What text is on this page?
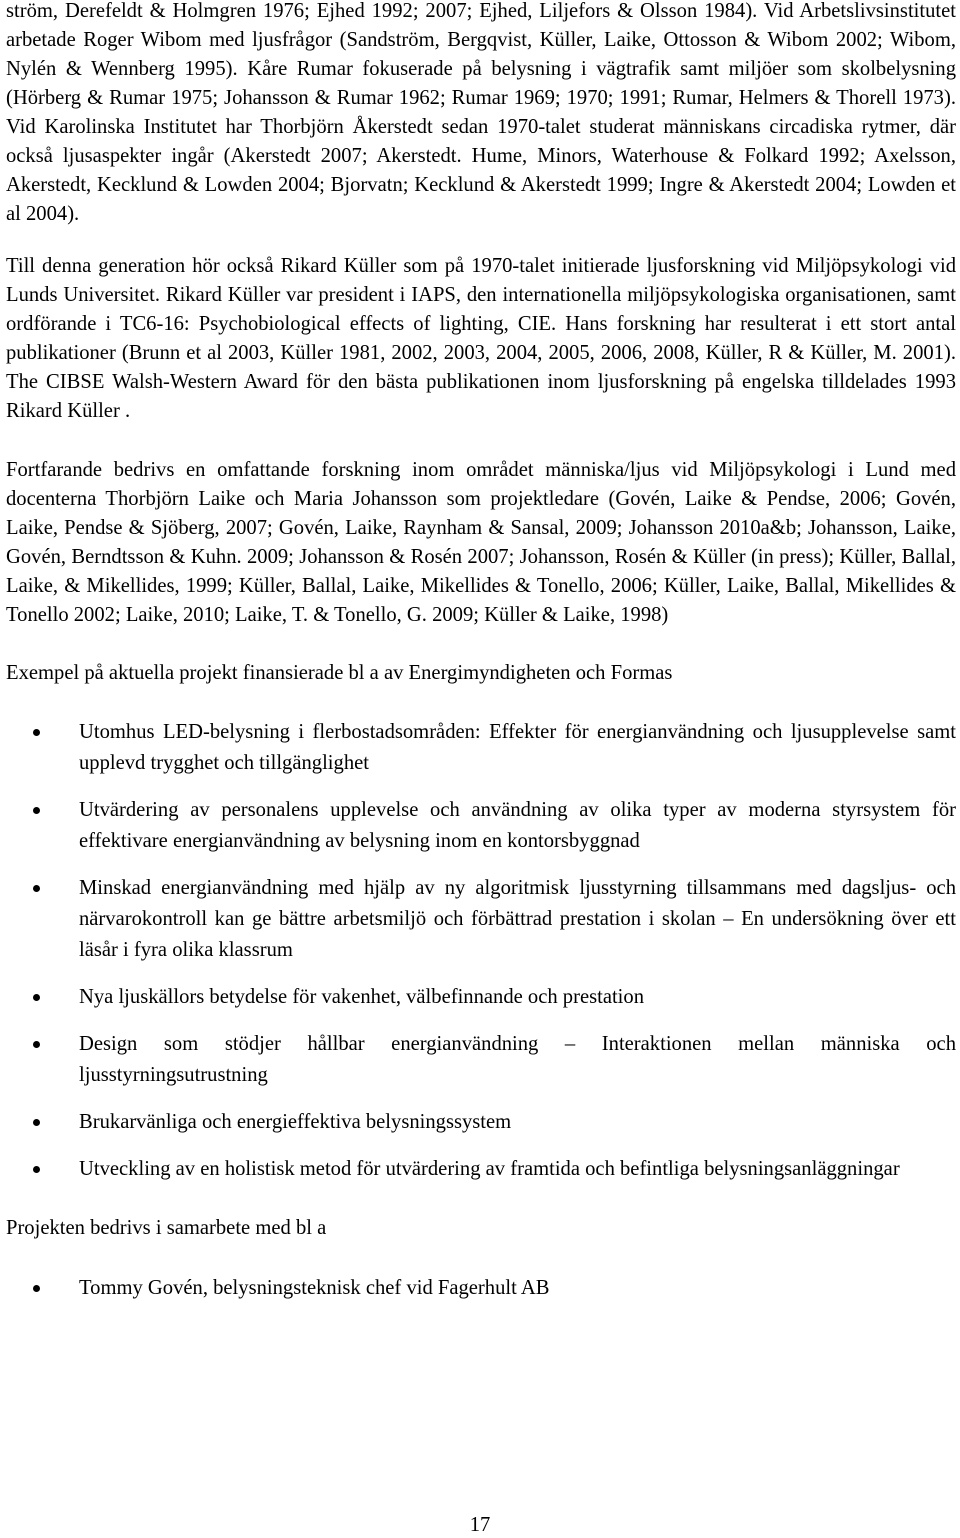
ström, Derefeldt & Holmgren 1976; Ejhed 1992; 2007; Ejhed, Liljefors & Olsson 1984). Vid Arbetslivsinstitutet arbetade Roger Wibom med ljusfrågor (Sandström, Bergqvist, Küller, Laike, Ottosson & Wibom 2002; Wibom, Nylén & Wennberg 1995). Kåre Rumar fokuserade på belysning i vägtrafik samt miljöer som skolbelysning (Hörberg & Rumar 1975; Johansson & Rumar 1962; Rumar 1969; 1970; 1991; Rumar, Helmers & Thorell 1973). Vid Karolinska Institutet har Thorbjörn Åkerstedt sedan 1970-talet studerat människans circadiska rytmer, där också ljusaspekter ingår (Akerstedt 2007; Akerstedt. Hume, Minors, Waterhouse & Folkard 1992; Axelsson, Akerstedt, Kecklund & Lowden 2004; Bjorvatn; Kecklund & Akerstedt 1999; Ingre & Akerstedt 2004; Lowden et al 2004).

Till denna generation hör också Rikard Küller som på 1970-talet initierade ljusforskning vid Miljöpsykologi vid Lunds Universitet. Rikard Küller var president i IAPS, den internationella miljöpsykologiska organisationen, samt ordförande i TC6-16: Psychobiological effects of lighting, CIE. Hans forskning har resulterat i ett stort antal publikationer (Brunn et al 2003, Küller 1981, 2002, 2003, 2004, 2005, 2006, 2008, Küller, R & Küller, M. 2001). The CIBSE Walsh-Western Award för den bästa publikationen inom ljusforskning på engelska tilldelades 1993 Rikard Küller .

Fortfarande bedrivs en omfattande forskning inom området människa/ljus vid Miljöpsykologi i Lund med docenterna Thorbjörn Laike och Maria Johansson som projektledare (Govén, Laike & Pendse, 2006; Govén, Laike, Pendse & Sjöberg, 2007; Govén, Laike, Raynham & Sansal, 2009; Johansson 2010a&b; Johansson, Laike, Govén, Berndtsson & Kuhn. 2009; Johansson & Rosén 2007; Johansson, Rosén & Küller (in press); Küller, Ballal, Laike, & Mikellides, 1999; Küller, Ballal, Laike, Mikellides & Tonello, 2006; Küller, Laike, Ballal, Mikellides & Tonello 2002; Laike, 2010; Laike, T. & Tonello, G. 2009; Küller & Laike, 1998)

Exempel på aktuella projekt finansierade bl a av Energimyndigheten och Formas

Utomhus LED-belysning i flerbostadsområden: Effekter för energianvändning och ljusupplevelse samt upplevd trygghet och tillgänglighet
Utvärdering av personalens upplevelse och användning av olika typer av moderna styrsystem för effektivare energianvändning av belysning inom en kontorsbyggnad
Minskad energianvändning med hjälp av ny algoritmisk ljusstyrning tillsammans med dagsljus- och närvarokontroll kan ge bättre arbetsmiljö och förbättrad prestation i skolan – En undersökning över ett läsår i fyra olika klassrum
Nya ljuskällors betydelse för vakenhet, välbefinnande och prestation
Design som stödjer hållbar energianvändning – Interaktionen mellan människa och ljusstyrningsutrustning
Brukarvänliga och energieffektiva belysningssystem
Utveckling av en holistisk metod för utvärdering av framtida och befintliga belysningsanläggningar

Projekten bedrivs i samarbete med bl a

Tommy Govén, belysningsteknisk chef vid Fagerhult AB
17
